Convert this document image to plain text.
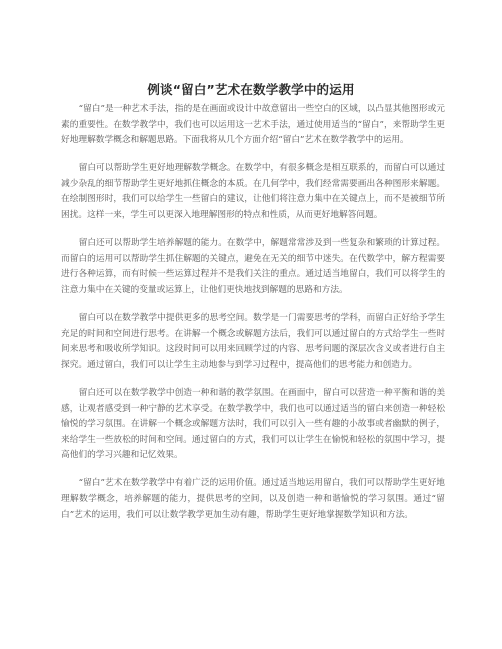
例谈“留白”艺术在数学教学中的运用

“留白”是一种艺术手法，指的是在画面或设计中故意留出一些空白的区域，以凸显其他图形或元素的重要性。在数学教学中，我们也可以运用这一艺术手法，通过使用适当的“留白”，来帮助学生更好地理解数学概念和解题思路。下面我将从几个方面介绍“留白”艺术在数学教学中的运用。

留白可以帮助学生更好地理解数学概念。在数学中，有很多概念是相互联系的，而留白可以通过减少杂乱的细节帮助学生更好地抓住概念的本质。在几何学中，我们经常需要画出各种图形来解题。在绘制图形时，我们可以给学生一些留白的建议，让他们将注意力集中在关键点上，而不是被细节所困扰。这样一来，学生可以更深入地理解图形的特点和性质，从而更好地解答问题。

留白还可以帮助学生培养解题的能力。在数学中，解题常常涉及到一些复杂和繁琐的计算过程。而留白的运用可以帮助学生抓住解题的关键点，避免在无关的细节中迷失。在代数学中，解方程需要进行各种运算，而有时候一些运算过程并不是我们关注的重点。通过适当地留白，我们可以将学生的注意力集中在关键的变量或运算上，让他们更快地找到解题的思路和方法。

留白可以在数学教学中提供更多的思考空间。数学是一门需要思考的学科，而留白正好给予学生充足的时间和空间进行思考。在讲解一个概念或解题方法后，我们可以通过留白的方式给学生一些时间来思考和吸收所学知识。这段时间可以用来回顾学过的内容、思考问题的深层次含义或者进行自主探究。通过留白，我们可以让学生主动地参与到学习过程中，提高他们的思考能力和创造力。

留白还可以在数学教学中创造一种和谐的教学氛围。在画面中，留白可以营造一种平衡和谐的美感，让观者感受到一种宁静的艺术享受。在数学教学中，我们也可以通过适当的留白来创造一种轻松愉悦的学习氛围。在讲解一个概念或解题方法时，我们可以引入一些有趣的小故事或者幽默的例子，来给学生一些放松的时间和空间。通过留白的方式，我们可以让学生在愉悦和轻松的氛围中学习，提高他们的学习兴趣和记忆效果。

“留白”艺术在数学教学中有着广泛的运用价值。通过适当地运用留白，我们可以帮助学生更好地理解数学概念，培养解题的能力，提供思考的空间，以及创造一种和谐愉悦的学习氛围。通过“留白”艺术的运用，我们可以让数学教学更加生动有趣，帮助学生更好地掌握数学知识和方法。
